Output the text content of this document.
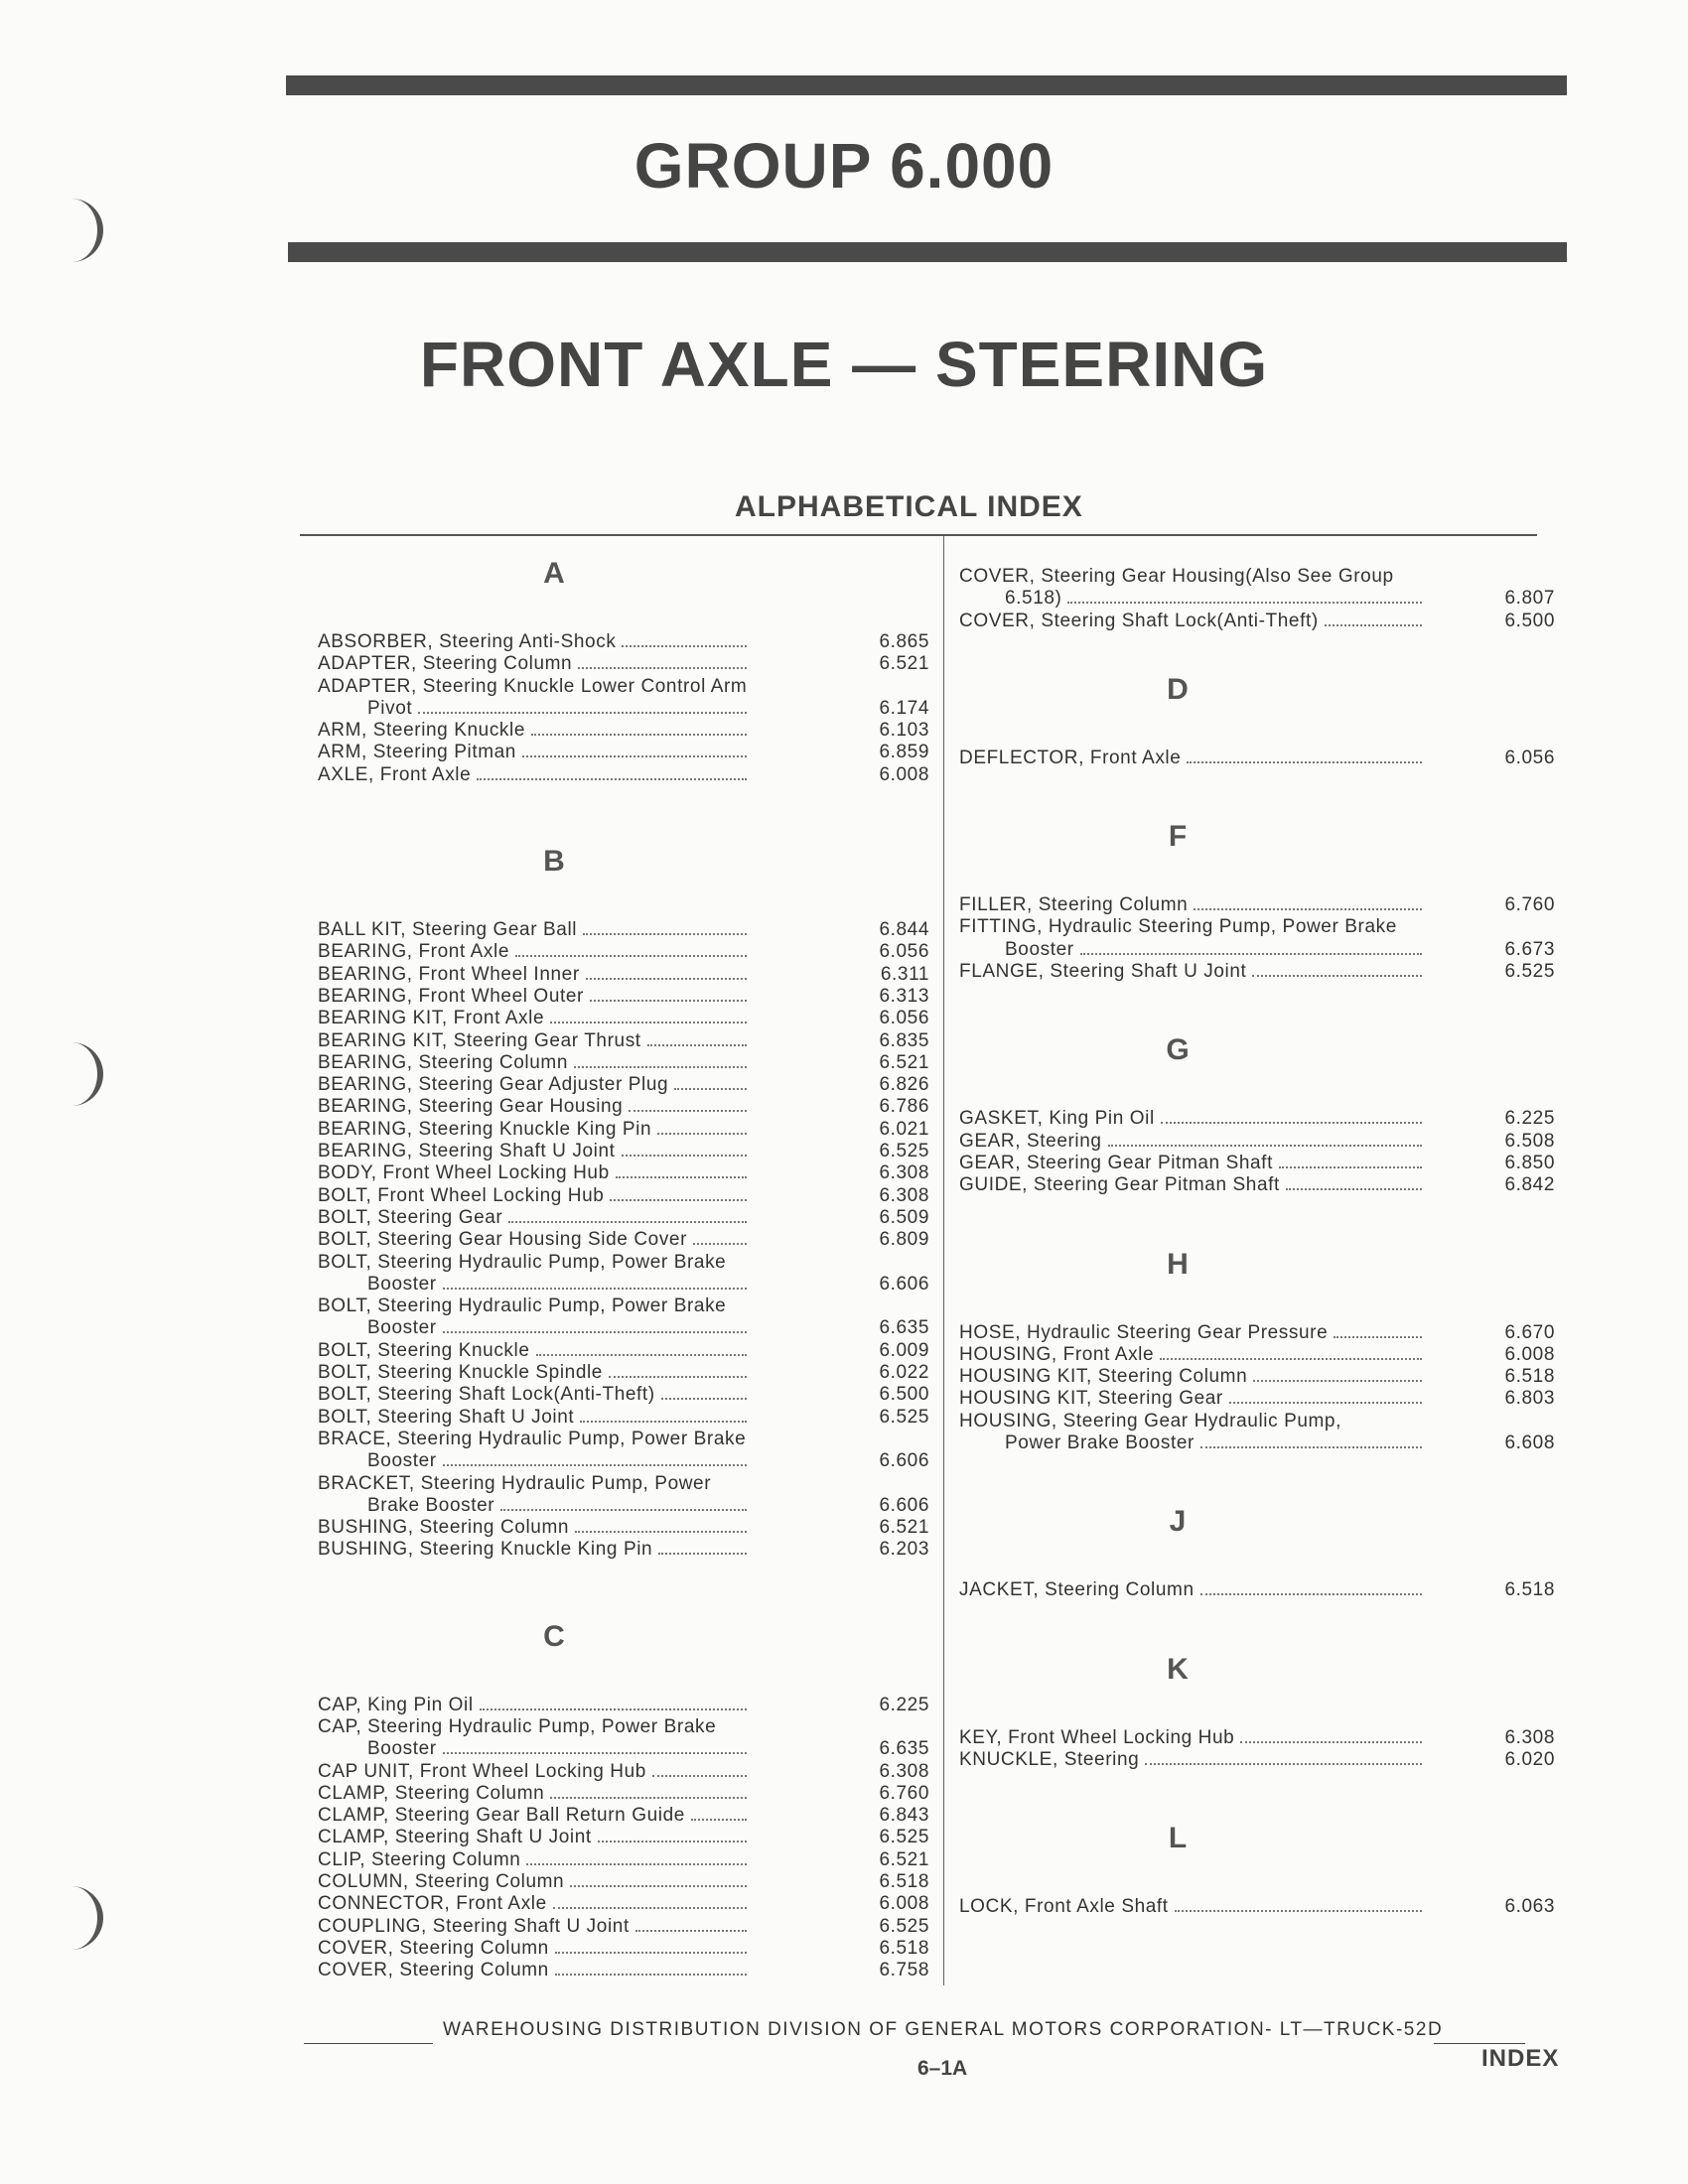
GROUP 6.000
FRONT AXLE — STEERING
ALPHABETICAL INDEX
A
ABSORBER, Steering Anti-Shock	6.865
ADAPTER, Steering Column	6.521
ADAPTER, Steering Knuckle Lower Control Arm
Pivot	6.174
ARM, Steering Knuckle	6.103
ARM, Steering Pitman	6.859
AXLE, Front Axle	6.008
B
BALL KIT, Steering Gear Ball	6.844
BEARING, Front Axle	6.056
BEARING, Front Wheel Inner	6.311
BEARING, Front Wheel Outer	6.313
BEARING KIT, Front Axle	6.056
BEARING KIT, Steering Gear Thrust	6.835
BEARING, Steering Column	6.521
BEARING, Steering Gear Adjuster Plug	6.826
BEARING, Steering Gear Housing	6.786
BEARING, Steering Knuckle King Pin	6.021
BEARING, Steering Shaft U Joint	6.525
BODY, Front Wheel Locking Hub	6.308
BOLT, Front Wheel Locking Hub	6.308
BOLT, Steering Gear	6.509
BOLT, Steering Gear Housing Side Cover	6.809
BOLT, Steering Hydraulic Pump, Power Brake
Booster	6.606
BOLT, Steering Hydraulic Pump, Power Brake
Booster	6.635
BOLT, Steering Knuckle	6.009
BOLT, Steering Knuckle Spindle	6.022
BOLT, Steering Shaft Lock(Anti-Theft)	6.500
BOLT, Steering Shaft U Joint	6.525
BRACE, Steering Hydraulic Pump, Power Brake
Booster	6.606
BRACKET, Steering Hydraulic Pump, Power
Brake Booster	6.606
BUSHING, Steering Column	6.521
BUSHING, Steering Knuckle King Pin	6.203
C
CAP, King Pin Oil	6.225
CAP, Steering Hydraulic Pump, Power Brake
Booster	6.635
CAP UNIT, Front Wheel Locking Hub	6.308
CLAMP, Steering Column	6.760
CLAMP, Steering Gear Ball Return Guide	6.843
CLAMP, Steering Shaft U Joint	6.525
CLIP, Steering Column	6.521
COLUMN, Steering Column	6.518
CONNECTOR, Front Axle	6.008
COUPLING, Steering Shaft U Joint	6.525
COVER, Steering Column	6.518
COVER, Steering Column	6.758
COVER, Steering Gear Housing(Also See Group
6.518)	6.807
COVER, Steering Shaft Lock(Anti-Theft)	6.500
D
DEFLECTOR, Front Axle	6.056
F
FILLER, Steering Column	6.760
FITTING, Hydraulic Steering Pump, Power Brake
Booster	6.673
FLANGE, Steering Shaft U Joint	6.525
G
GASKET, King Pin Oil	6.225
GEAR, Steering	6.508
GEAR, Steering Gear Pitman Shaft	6.850
GUIDE, Steering Gear Pitman Shaft	6.842
H
HOSE, Hydraulic Steering Gear Pressure	6.670
HOUSING, Front Axle	6.008
HOUSING KIT, Steering Column	6.518
HOUSING KIT, Steering Gear	6.803
HOUSING, Steering Gear Hydraulic Pump,
Power Brake Booster	6.608
J
JACKET, Steering Column	6.518
K
KEY, Front Wheel Locking Hub	6.308
KNUCKLE, Steering	6.020
L
LOCK, Front Axle Shaft	6.063
WAREHOUSING DISTRIBUTION DIVISION OF GENERAL MOTORS CORPORATION- LT—TRUCK-52D
6–1A	INDEX
